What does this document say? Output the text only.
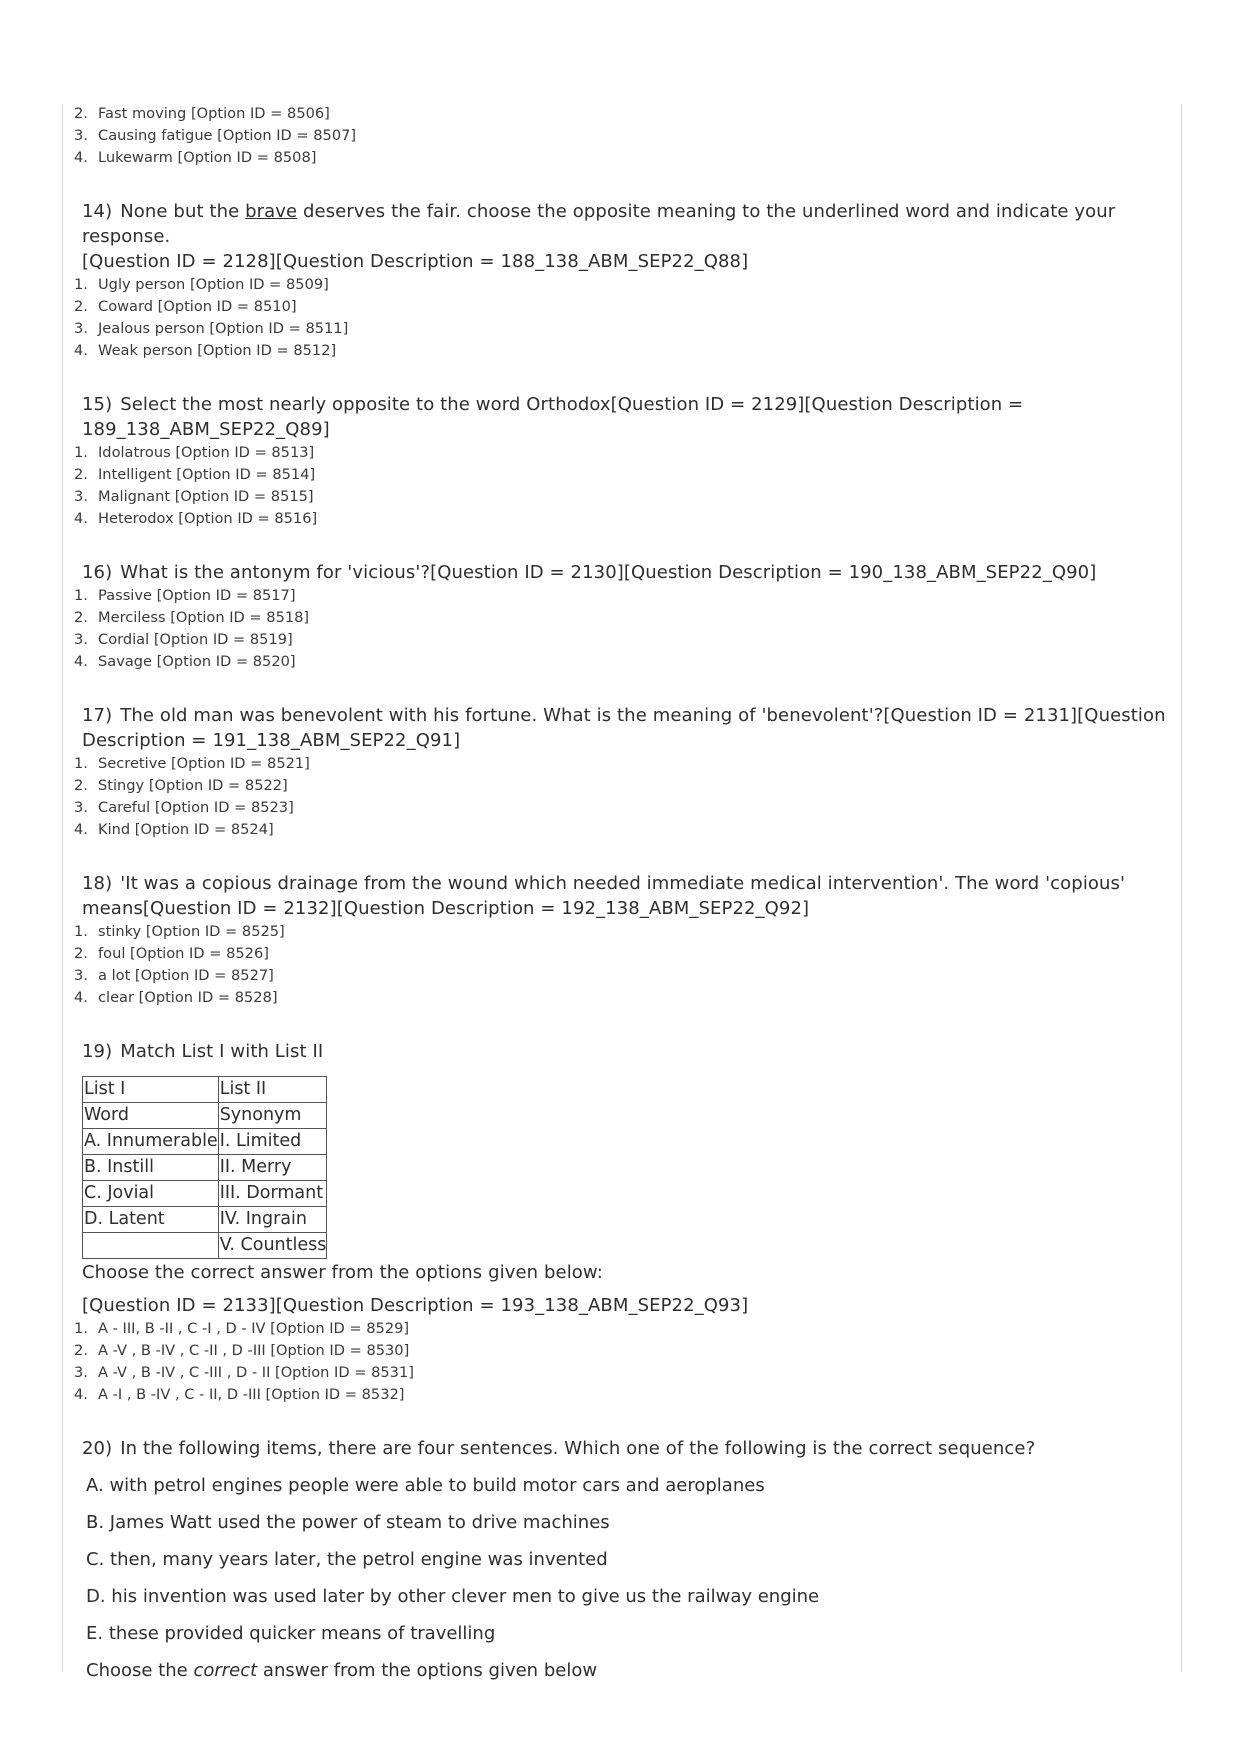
2. Fast moving [Option ID = 8506]
3. Causing fatigue [Option ID = 8507]
4. Lukewarm [Option ID = 8508]
14) None but the brave deserves the fair. choose the opposite meaning to the underlined word and indicate your response.
[Question ID = 2128][Question Description = 188_138_ABM_SEP22_Q88]
1. Ugly person [Option ID = 8509]
2. Coward [Option ID = 8510]
3. Jealous person [Option ID = 8511]
4. Weak person [Option ID = 8512]
15) Select the most nearly opposite to the word Orthodox[Question ID = 2129][Question Description =
189_138_ABM_SEP22_Q89]
1. Idolatrous [Option ID = 8513]
2. Intelligent [Option ID = 8514]
3. Malignant [Option ID = 8515]
4. Heterodox [Option ID = 8516]
16) What is the antonym for 'vicious'?[Question ID = 2130][Question Description = 190_138_ABM_SEP22_Q90]
1. Passive [Option ID = 8517]
2. Merciless [Option ID = 8518]
3. Cordial [Option ID = 8519]
4. Savage [Option ID = 8520]
17) The old man was benevolent with his fortune. What is the meaning of 'benevolent'?[Question ID = 2131][Question
Description = 191_138_ABM_SEP22_Q91]
1. Secretive [Option ID = 8521]
2. Stingy [Option ID = 8522]
3. Careful [Option ID = 8523]
4. Kind [Option ID = 8524]
18) 'It was a copious drainage from the wound which needed immediate medical intervention'. The word 'copious'
means[Question ID = 2132][Question Description = 192_138_ABM_SEP22_Q92]
1. stinky [Option ID = 8525]
2. foul [Option ID = 8526]
3. a lot [Option ID = 8527]
4. clear [Option ID = 8528]
19) Match List I with List II
List I	List II
Word	Synonym
A. Innumerable	I. Limited
B. Instill	II. Merry
C. Jovial	III. Dormant
D. Latent	IV. Ingrain
	V. Countless
Choose the correct answer from the options given below:
[Question ID = 2133][Question Description = 193_138_ABM_SEP22_Q93]
1. A - III, B -II , C -I , D - IV [Option ID = 8529]
2. A -V , B -IV , C -II , D -III [Option ID = 8530]
3. A -V , B -IV , C -III , D - II [Option ID = 8531]
4. A -I , B -IV , C - II, D -III [Option ID = 8532]
20) In the following items, there are four sentences. Which one of the following is the correct sequence?
A. with petrol engines people were able to build motor cars and aeroplanes
B. James Watt used the power of steam to drive machines
C. then, many years later, the petrol engine was invented
D. his invention was used later by other clever men to give us the railway engine
E. these provided quicker means of travelling
Choose the correct answer from the options given below
